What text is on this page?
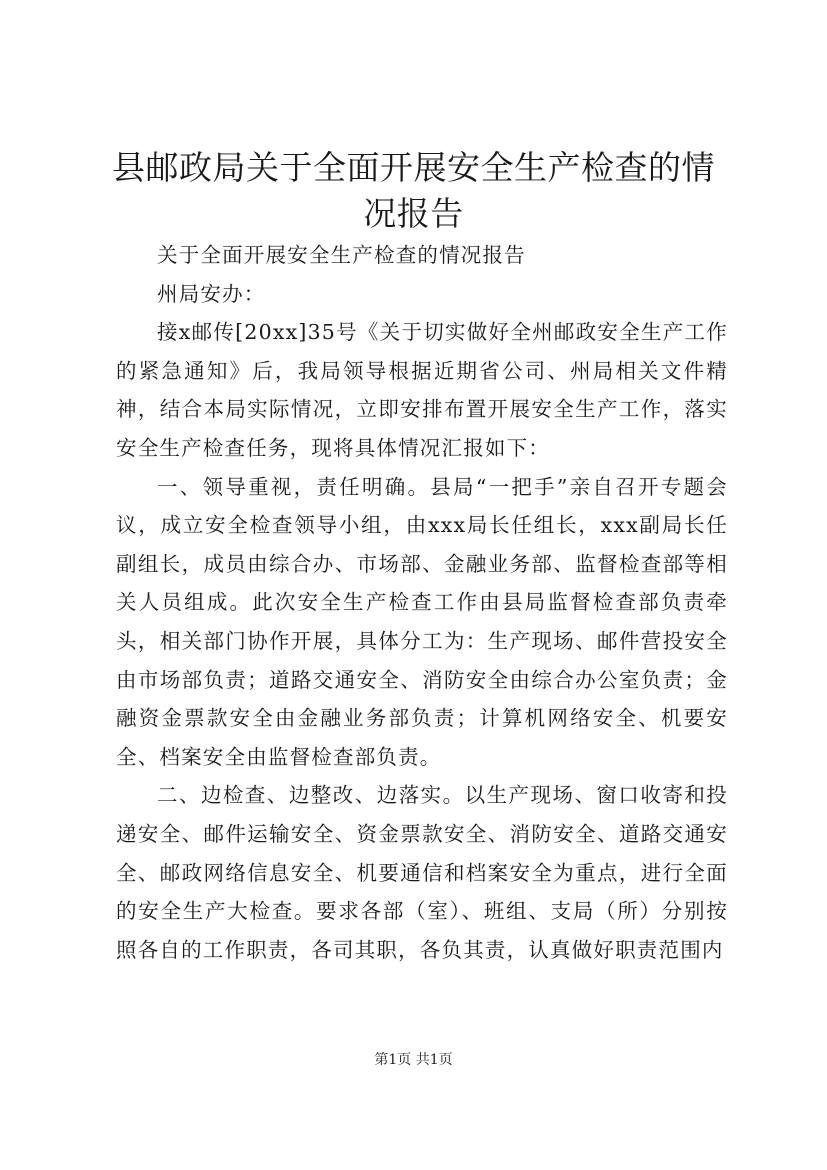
县邮政局关于全面开展安全生产检查的情况报告

关于全面开展安全生产检查的情况报告

州局安办：

接x邮传[20xx]35号《关于切实做好全州邮政安全生产工作的紧急通知》后，我局领导根据近期省公司、州局相关文件精神，结合本局实际情况，立即安排布置开展安全生产工作，落实安全生产检查任务，现将具体情况汇报如下：

一、领导重视，责任明确。县局“一把手”亲自召开专题会议，成立安全检查领导小组，由xxx局长任组长，xxx副局长任副组长，成员由综合办、市场部、金融业务部、监督检查部等相关人员组成。此次安全生产检查工作由县局监督检查部负责牵头，相关部门协作开展，具体分工为：生产现场、邮件营投安全由市场部负责；道路交通安全、消防安全由综合办公室负责；金融资金票款安全由金融业务部负责；计算机网络安全、机要安全、档案安全由监督检查部负责。

二、边检查、边整改、边落实。以生产现场、窗口收寄和投递安全、邮件运输安全、资金票款安全、消防安全、道路交通安全、邮政网络信息安全、机要通信和档案安全为重点，进行全面的安全生产大检查。要求各部（室）、班组、支局（所）分别按照各自的工作职责，各司其职，各负其责，认真做好职责范围内

第1页 共1页
